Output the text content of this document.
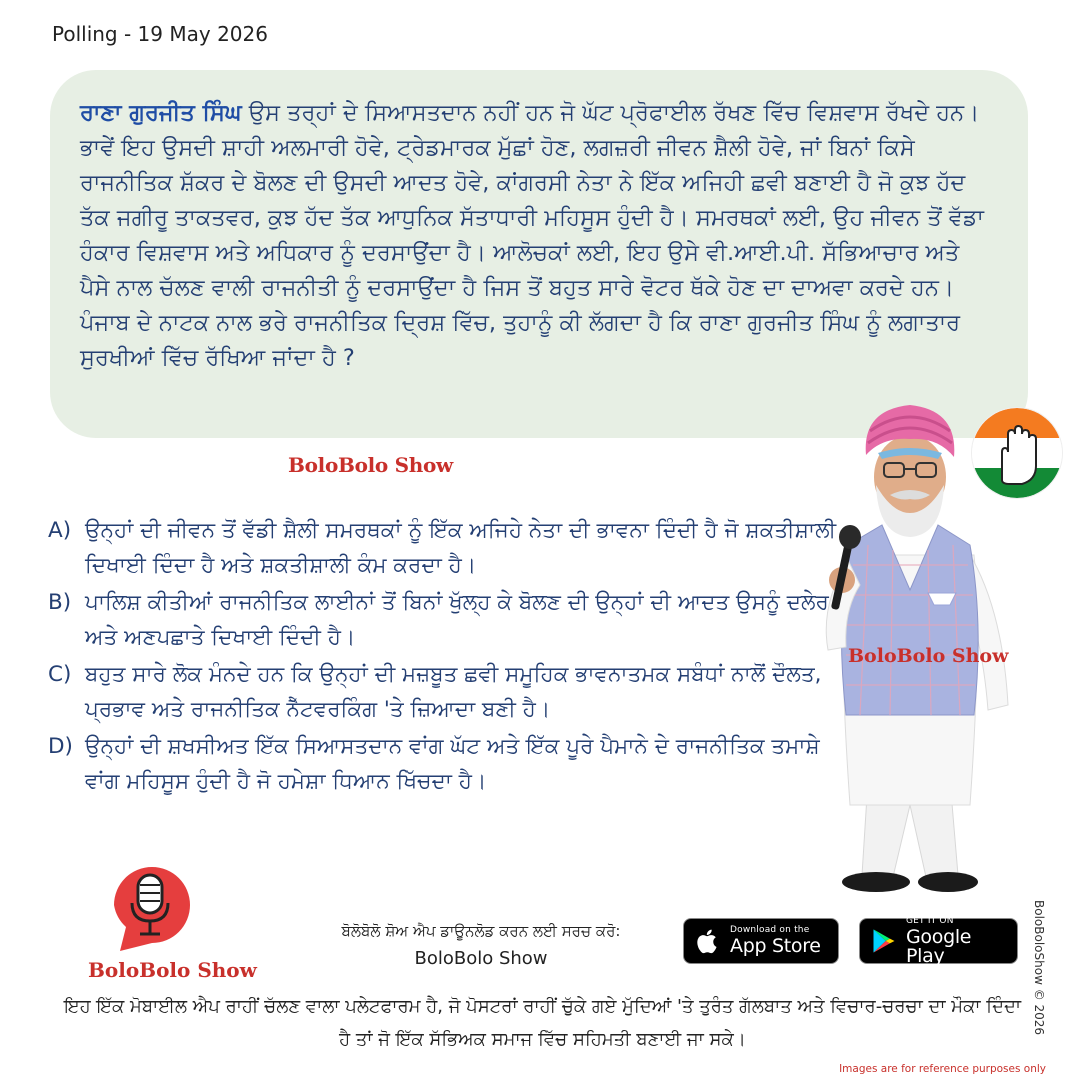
Polling - 19 May 2026

ਰਾਣਾ ਗੁਰਜੀਤ ਸਿੰਘ ਉਸ ਤਰ੍ਹਾਂ ਦੇ ਸਿਆਸਤਦਾਨ ਨਹੀਂ ਹਨ ਜੋ ਘੱਟ ਪ੍ਰੋਫਾਈਲ ਰੱਖਣ ਵਿੱਚ ਵਿਸ਼ਵਾਸ ਰੱਖਦੇ ਹਨ। ਭਾਵੇਂ ਇਹ ਉਸਦੀ ਸ਼ਾਹੀ ਅਲਮਾਰੀ ਹੋਵੇ, ਟ੍ਰੇਡਮਾਰਕ ਮੁੱਛਾਂ ਹੋਣ, ਲਗਜ਼ਰੀ ਜੀਵਨ ਸ਼ੈਲੀ ਹੋਵੇ, ਜਾਂ ਬਿਨਾਂ ਕਿਸੇ ਰਾਜਨੀਤਿਕ ਸ਼ੱਕਰ ਦੇ ਬੋਲਣ ਦੀ ਉਸਦੀ ਆਦਤ ਹੋਵੇ, ਕਾਂਗਰਸੀ ਨੇਤਾ ਨੇ ਇੱਕ ਅਜਿਹੀ ਛਵੀ ਬਣਾਈ ਹੈ ਜੋ ਕੁਝ ਹੱਦ ਤੱਕ ਜਗੀਰੂ ਤਾਕਤਵਰ, ਕੁਝ ਹੱਦ ਤੱਕ ਆਧੁਨਿਕ ਸੱਤਾਧਾਰੀ ਮਹਿਸੂਸ ਹੁੰਦੀ ਹੈ। ਸਮਰਥਕਾਂ ਲਈ, ਉਹ ਜੀਵਨ ਤੋਂ ਵੱਡਾ ਹੰਕਾਰ ਵਿਸ਼ਵਾਸ ਅਤੇ ਅਧਿਕਾਰ ਨੂੰ ਦਰਸਾਉਂਦਾ ਹੈ। ਆਲੋਚਕਾਂ ਲਈ, ਇਹ ਉਸੇ ਵੀ.ਆਈ.ਪੀ. ਸੱਭਿਆਚਾਰ ਅਤੇ ਪੈਸੇ ਨਾਲ ਚੱਲਣ ਵਾਲੀ ਰਾਜਨੀਤੀ ਨੂੰ ਦਰਸਾਉਂਦਾ ਹੈ ਜਿਸ ਤੋਂ ਬਹੁਤ ਸਾਰੇ ਵੋਟਰ ਥੱਕੇ ਹੋਣ ਦਾ ਦਾਅਵਾ ਕਰਦੇ ਹਨ। ਪੰਜਾਬ ਦੇ ਨਾਟਕ ਨਾਲ ਭਰੇ ਰਾਜਨੀਤਿਕ ਦ੍ਰਿਸ਼ ਵਿੱਚ, ਤੁਹਾਨੂੰ ਕੀ ਲੱਗਦਾ ਹੈ ਕਿ ਰਾਣਾ ਗੁਰਜੀਤ ਸਿੰਘ ਨੂੰ ਲਗਾਤਾਰ ਸੁਰਖੀਆਂ ਵਿੱਚ ਰੱਖਿਆ ਜਾਂਦਾ ਹੈ ?

BoloBolo Show
A) ਉਨ੍ਹਾਂ ਦੀ ਜੀਵਨ ਤੋਂ ਵੱਡੀ ਸ਼ੈਲੀ ਸਮਰਥਕਾਂ ਨੂੰ ਇੱਕ ਅਜਿਹੇ ਨੇਤਾ ਦੀ ਭਾਵਨਾ ਦਿੰਦੀ ਹੈ ਜੋ ਸ਼ਕਤੀਸ਼ਾਲੀ ਦਿਖਾਈ ਦਿੰਦਾ ਹੈ ਅਤੇ ਸ਼ਕਤੀਸ਼ਾਲੀ ਕੰਮ ਕਰਦਾ ਹੈ।
B) ਪਾਲਿਸ਼ ਕੀਤੀਆਂ ਰਾਜਨੀਤਿਕ ਲਾਈਨਾਂ ਤੋਂ ਬਿਨਾਂ ਖੁੱਲ੍ਹ ਕੇ ਬੋਲਣ ਦੀ ਉਨ੍ਹਾਂ ਦੀ ਆਦਤ ਉਸਨੂੰ ਦਲੇਰ ਅਤੇ ਅਣਪਛਾਤੇ ਦਿਖਾਈ ਦਿੰਦੀ ਹੈ।
C) ਬਹੁਤ ਸਾਰੇ ਲੋਕ ਮੰਨਦੇ ਹਨ ਕਿ ਉਨ੍ਹਾਂ ਦੀ ਮਜ਼ਬੂਤ ਛਵੀ ਸਮੂਹਿਕ ਭਾਵਨਾਤਮਕ ਸਬੰਧਾਂ ਨਾਲੋਂ ਦੌਲਤ, ਪ੍ਰਭਾਵ ਅਤੇ ਰਾਜਨੀਤਿਕ ਨੈੱਟਵਰਕਿੰਗ 'ਤੇ ਜ਼ਿਆਦਾ ਬਣੀ ਹੈ।
D) ਉਨ੍ਹਾਂ ਦੀ ਸ਼ਖਸੀਅਤ ਇੱਕ ਸਿਆਸਤਦਾਨ ਵਾਂਗ ਘੱਟ ਅਤੇ ਇੱਕ ਪੂਰੇ ਪੈਮਾਨੇ ਦੇ ਰਾਜਨੀਤਿਕ ਤਮਾਸ਼ੇ ਵਾਂਗ ਮਹਿਸੂਸ ਹੁੰਦੀ ਹੈ ਜੋ ਹਮੇਸ਼ਾ ਧਿਆਨ ਖਿੱਚਦਾ ਹੈ।
BoloBolo Show
BoloBolo Show
ਬੋਲੋਬੋਲੋ ਸ਼ੋਅ ਐਪ ਡਾਊਨਲੋਡ ਕਰਨ ਲਈ ਸਰਚ ਕਰੋ:
BoloBolo Show
Download on the
App Store
GET IT ON
Google Play
ਇਹ ਇੱਕ ਮੋਬਾਈਲ ਐਪ ਰਾਹੀਂ ਚੱਲਣ ਵਾਲਾ ਪਲੇਟਫਾਰਮ ਹੈ, ਜੋ ਪੋਸਟਰਾਂ ਰਾਹੀਂ ਚੁੱਕੇ ਗਏ ਮੁੱਦਿਆਂ 'ਤੇ ਤੁਰੰਤ ਗੱਲਬਾਤ ਅਤੇ ਵਿਚਾਰ-ਚਰਚਾ ਦਾ ਮੌਕਾ ਦਿੰਦਾ ਹੈ ਤਾਂ ਜੋ ਇੱਕ ਸੱਭਿਅਕ ਸਮਾਜ ਵਿੱਚ ਸਹਿਮਤੀ ਬਣਾਈ ਜਾ ਸਕੇ।
Images are for reference purposes only
BoloBoloShow © 2026
